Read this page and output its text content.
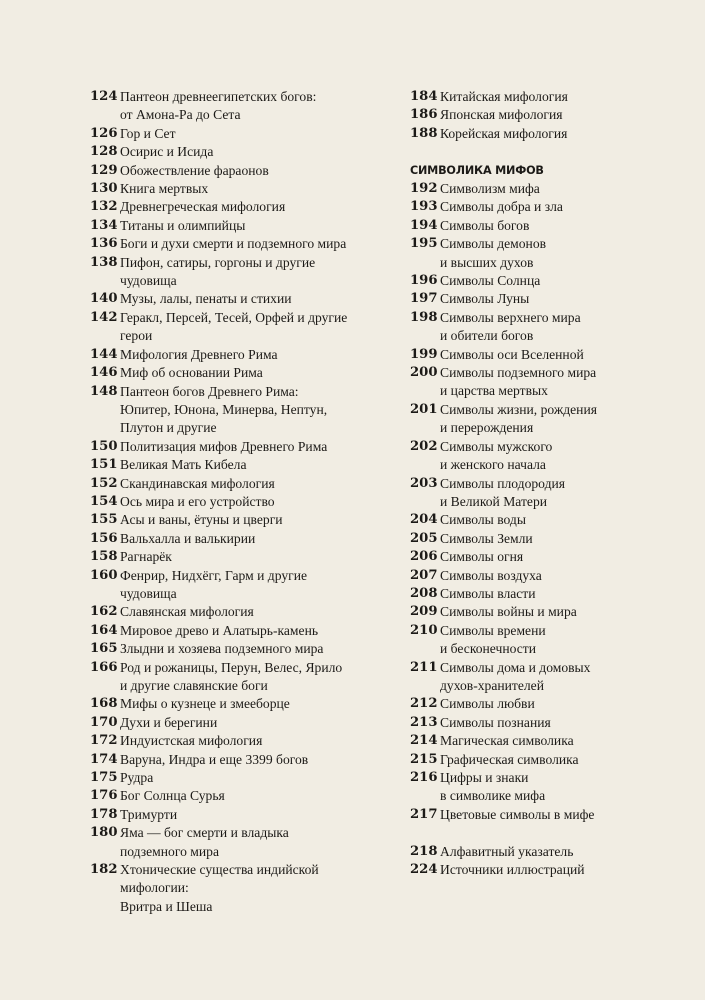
124 Пантеон древнеегипетских богов:
от Амона-Ра до Сета
126 Гор и Сет
128 Осирис и Исида
129 Обожествление фараонов
130 Книга мертвых
132 Древнегреческая мифология
134 Титаны и олимпийцы
136 Боги и духи смерти и подземного мира
138 Пифон, сатиры, горгоны и другие
чудовища
140 Музы, лалы, пенаты и стихии
142 Геракл, Персей, Тесей, Орфей и другие
герои
144 Мифология Древнего Рима
146 Миф об основании Рима
148 Пантеон богов Древнего Рима:
Юпитер, Юнона, Минерва, Нептун,
Плутон и другие
150 Политизация мифов Древнего Рима
151 Великая Мать Кибела
152 Скандинавская мифология
154 Ось мира и его устройство
155 Асы и ваны, ётуны и цверги
156 Вальхалла и валькирии
158 Рагнарёк
160 Фенрир, Нидхёгг, Гарм и другие
чудовища
162 Славянская мифология
164 Мировое древо и Алатырь-камень
165 Злыдни и хозяева подземного мира
166 Род и рожаницы, Перун, Велес, Ярило
и другие славянские боги
168 Мифы о кузнеце и змееборце
170 Духи и берегини
172 Индуистская мифология
174 Варуна, Индра и еще 3399 богов
175 Рудра
176 Бог Солнца Сурья
178 Тримурти
180 Яма — бог смерти и владыка
подземного мира
182 Хтонические существа индийской
мифологии:
Вритра и Шеша
184 Китайская мифология
186 Японская мифология
188 Корейская мифология
СИМВОЛИКА МИФОВ
192 Символизм мифа
193 Символы добра и зла
194 Символы богов
195 Символы демонов
и высших духов
196 Символы Солнца
197 Символы Луны
198 Символы верхнего мира
и обители богов
199 Символы оси Вселенной
200 Символы подземного мира
и царства мертвых
201 Символы жизни, рождения
и перерождения
202 Символы мужского
и женского начала
203 Символы плодородия
и Великой Матери
204 Символы воды
205 Символы Земли
206 Символы огня
207 Символы воздуха
208 Символы власти
209 Символы войны и мира
210 Символы времени
и бесконечности
211 Символы дома и домовых
духов-хранителей
212 Символы любви
213 Символы познания
214 Магическая символика
215 Графическая символика
216 Цифры и знаки
в символике мифа
217 Цветовые символы в мифе
218 Алфавитный указатель
224 Источники иллюстраций
